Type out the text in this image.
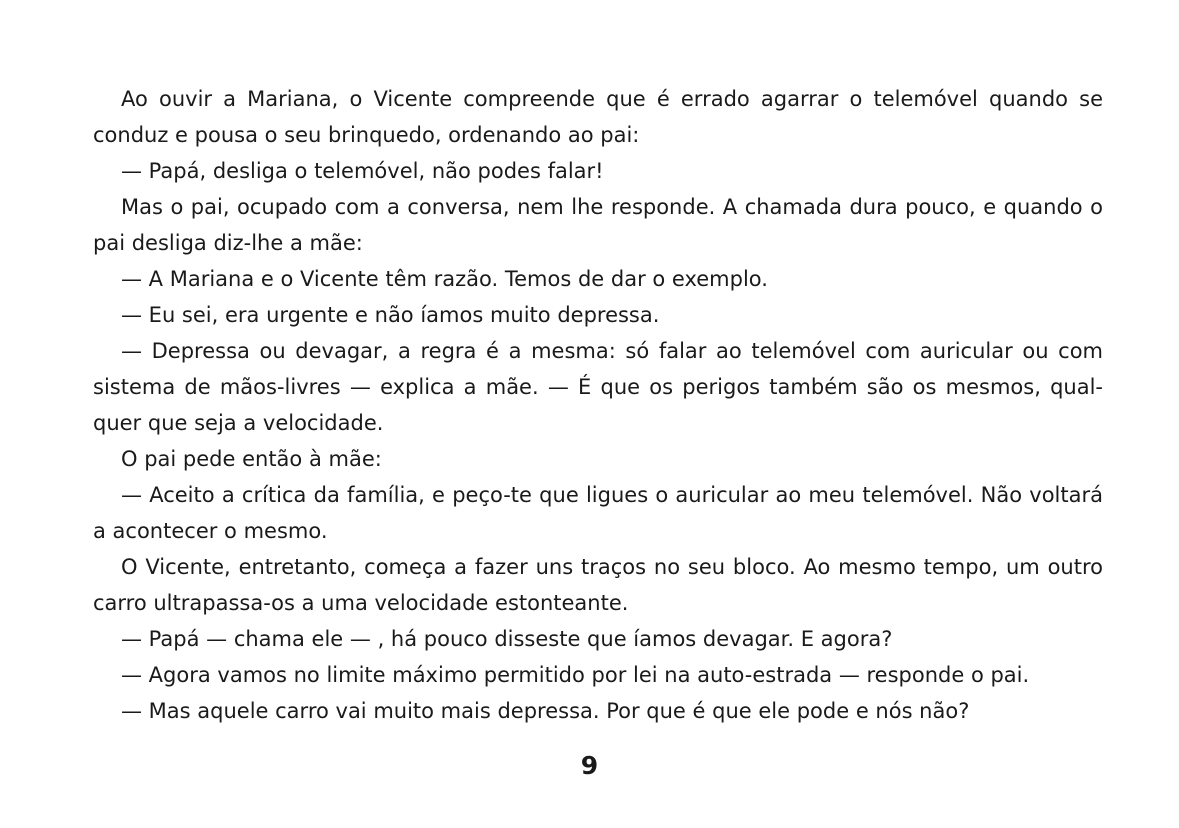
Ao ouvir a Mariana, o Vicente compreende que é errado agarrar o telemóvel quando se conduz e pousa o seu brinquedo, ordenando ao pai:

— Papá, desliga o telemóvel, não podes falar!

Mas o pai, ocupado com a conversa, nem lhe responde. A chamada dura pouco, e quando o pai desliga diz-lhe a mãe:

— A Mariana e o Vicente têm razão. Temos de dar o exemplo.

— Eu sei, era urgente e não íamos muito depressa.

— Depressa ou devagar, a regra é a mesma: só falar ao telemóvel com auricular ou com sistema de mãos-livres — explica a mãe. — É que os perigos também são os mesmos, qualquer que seja a velocidade.

O pai pede então à mãe:

— Aceito a crítica da família, e peço-te que ligues o auricular ao meu telemóvel. Não voltará a acontecer o mesmo.

O Vicente, entretanto, começa a fazer uns traços no seu bloco. Ao mesmo tempo, um outro carro ultrapassa-os a uma velocidade estonteante.

— Papá — chama ele — , há pouco disseste que íamos devagar. E agora?

— Agora vamos no limite máximo permitido por lei na auto-estrada — responde o pai.

— Mas aquele carro vai muito mais depressa. Por que é que ele pode e nós não?

9
